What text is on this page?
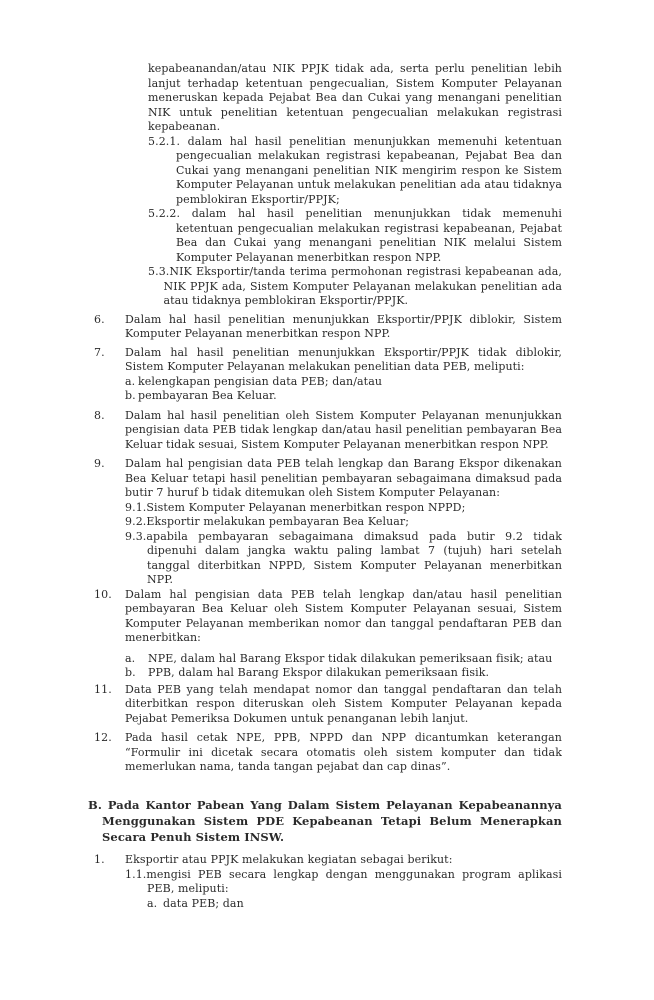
kepabeanandan/atau NIK PPJK tidak ada, serta perlu penelitian lebih lanjut terhadap ketentuan pengecualian, Sistem Komputer Pelayanan meneruskan kepada Pejabat Bea dan Cukai yang menangani penelitian NIK untuk penelitian ketentuan pengecualian melakukan registrasi kepabeanan.

5.2.1. dalam hal hasil penelitian menunjukkan memenuhi ketentuan pengecualian melakukan registrasi kepabeanan, Pejabat Bea dan Cukai yang menangani penelitian NIK mengirim respon ke Sistem Komputer Pelayanan untuk melakukan penelitian ada atau tidaknya pemblokiran Eksportir/PPJK;
5.2.2. dalam hal hasil penelitian menunjukkan tidak memenuhi ketentuan pengecualian melakukan registrasi kepabeanan, Pejabat Bea dan Cukai yang menangani penelitian NIK melalui Sistem Komputer Pelayanan menerbitkan respon NPP.
5.3.NIK Eksportir/tanda terima permohonan registrasi kepabeanan ada, NIK PPJK ada, Sistem Komputer Pelayanan melakukan penelitian ada atau tidaknya pemblokiran Eksportir/PPJK.
6.	Dalam hal hasil penelitian menunjukkan Eksportir/PPJK diblokir, Sistem Komputer Pelayanan menerbitkan respon NPP.

7.	Dalam hal hasil penelitian menunjukkan Eksportir/PPJK tidak diblokir, Sistem Komputer Pelayanan melakukan penelitian data PEB, meliputi:

a. kelengkapan pengisian data PEB; dan/atau
b. pembayaran Bea Keluar.
8.	Dalam hal hasil penelitian oleh Sistem Komputer Pelayanan menunjukkan pengisian data PEB tidak lengkap dan/atau hasil penelitian pembayaran Bea Keluar tidak sesuai, Sistem Komputer Pelayanan menerbitkan respon NPP.

9.	Dalam hal pengisian data PEB telah lengkap dan Barang Ekspor dikenakan Bea Keluar tetapi hasil penelitian pembayaran sebagaimana dimaksud pada butir 7 huruf b tidak ditemukan oleh Sistem Komputer Pelayanan:

9.1.Sistem Komputer Pelayanan menerbitkan respon NPPD;
9.2.Eksportir melakukan pembayaran Bea Keluar;
9.3.apabila pembayaran sebagaimana dimaksud pada butir 9.2 tidak dipenuhi dalam jangka waktu paling lambat 7 (tujuh) hari setelah tanggal diterbitkan NPPD, Sistem Komputer Pelayanan menerbitkan NPP.
10.	Dalam hal pengisian data PEB telah lengkap dan/atau hasil penelitian pembayaran Bea Keluar oleh Sistem Komputer Pelayanan sesuai, Sistem Komputer Pelayanan memberikan nomor dan tanggal pendaftaran PEB dan menerbitkan:

a.	NPE, dalam hal Barang Ekspor tidak dilakukan pemeriksaan fisik; atau
b.	PPB, dalam hal Barang Ekspor dilakukan pemeriksaan fisik.
11.	Data PEB yang telah mendapat nomor dan tanggal pendaftaran dan telah diterbitkan respon diteruskan oleh Sistem Komputer Pelayanan kepada Pejabat Pemeriksa Dokumen untuk penanganan lebih lanjut.

12.	Pada hasil cetak NPE, PPB, NPPD dan NPP dicantumkan keterangan “Formulir ini dicetak secara otomatis oleh sistem komputer dan tidak memerlukan nama, tanda tangan pejabat dan cap dinas”.

B. Pada Kantor Pabean Yang Dalam Sistem Pelayanan Kepabeanannya Menggunakan Sistem PDE Kepabeanan Tetapi Belum Menerapkan Secara Penuh Sistem INSW.
1.	Eksportir atau PPJK melakukan kegiatan sebagai berikut:

1.1.mengisi PEB secara lengkap dengan menggunakan program aplikasi PEB, meliputi:
a. data PEB; dan
